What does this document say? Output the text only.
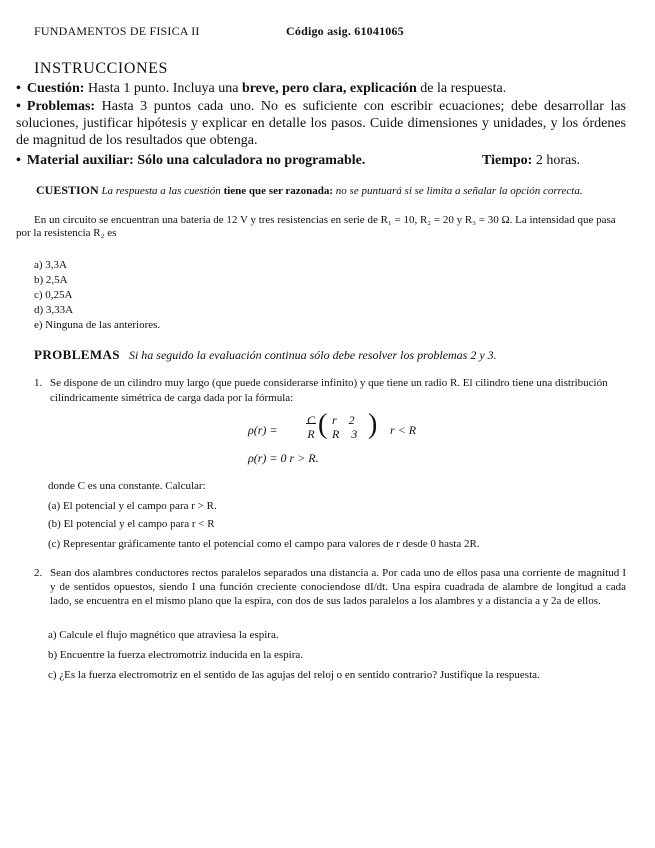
FUNDAMENTOS DE FISICA II	Código asig. 61041065
INSTRUCCIONES
• Cuestión: Hasta 1 punto. Incluya una breve, pero clara, explicación de la respuesta.
• Problemas: Hasta 3 puntos cada uno. No es suficiente con escribir ecuaciones; debe desarrollar las soluciones, justificar hipótesis y explicar en detalle los pasos. Cuide dimensiones y unidades, y los órdenes de magnitud de los resultados que obtenga.
• Material auxiliar: Sólo una calculadora no programable.	Tiempo: 2 horas.
CUESTION La respuesta a las cuestión tiene que ser razonada: no se puntuará si se limita a señalar la opción correcta.
En un circuito se encuentran una batería de 12 V y tres resistencias en serie de R₁ = 10, R₂ = 20 y R₃ = 30 Ω. La intensidad que pasa por la resistencia R₂ es
a) 3,3A
b) 2,5A
c) 0,25A
d) 3,33A
e) Ninguna de las anteriores.
PROBLEMAS Si ha seguido la evaluación continua sólo debe resolver los problemas 2 y 3.
1. Se dispone de un cilindro muy largo (que puede considerarse infinito) y que tiene un radio R. El cilindro tiene una distribución cilíndricamente simétrica de carga dada por la fórmula:
ρ(r) =
C
R ( r    2
R    3 ) r < R
ρ(r) = 0 r > R.
donde C es una constante. Calcular:
(a) El potencial y el campo para r > R.
(b) El potencial y el campo para r < R
(c) Representar gráficamente tanto el potencial como el campo para valores de r desde 0 hasta 2R.
2. Sean dos alambres conductores rectos paralelos separados una distancia a. Por cada uno de ellos pasa una corriente de magnitud I y de sentidos opuestos, siendo I una función creciente conociendose dI/dt. Una espira cuadrada de alambre de longitud a cada lado, se encuentra en el mismo plano que la espira, con dos de sus lados paralelos a los alambres y a distancia a y 2a de ellos.
a) Calcule el flujo magnético que atraviesa la espira.
b) Encuentre la fuerza electromotriz inducida en la espira.
c) ¿Es la fuerza electromotriz en el sentido de las agujas del reloj o en sentido contrario? Justifique la respuesta.
